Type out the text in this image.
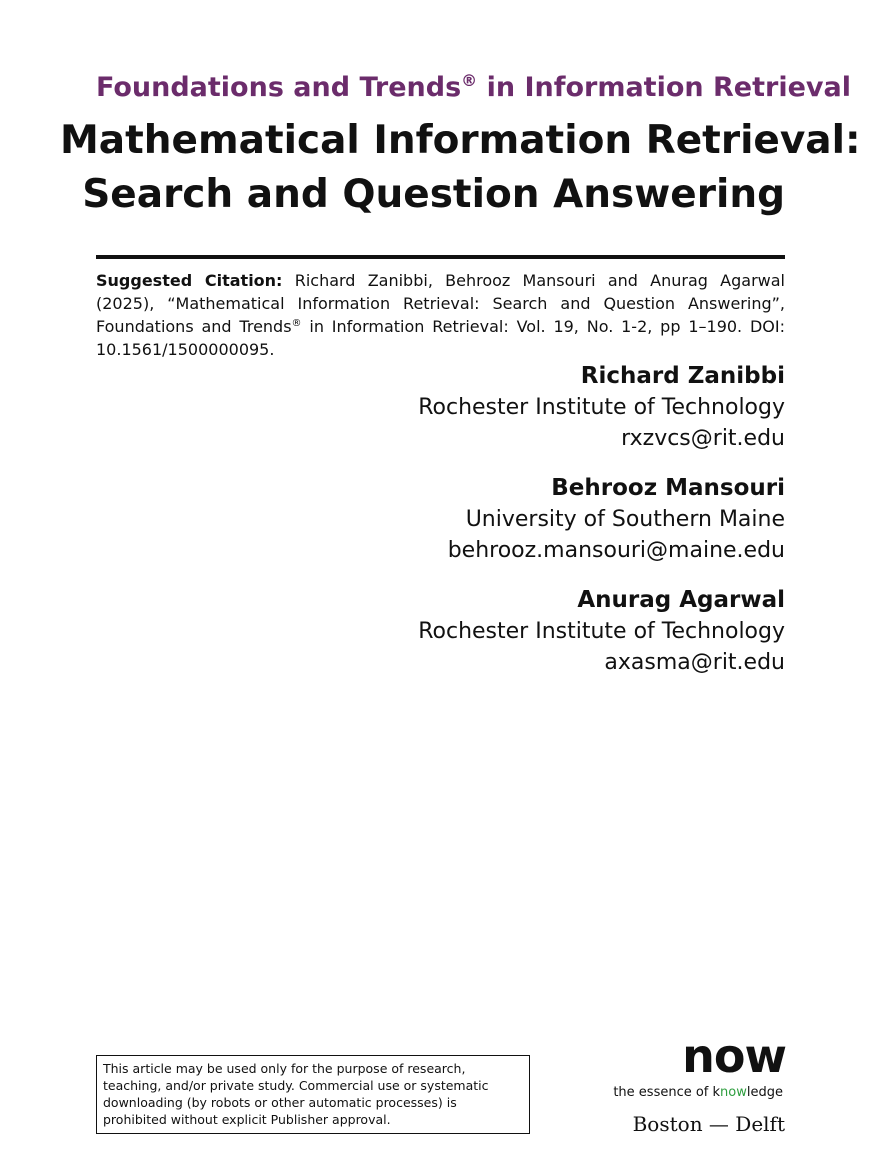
Foundations and Trends® in Information Retrieval
Mathematical Information Retrieval:
Search and Question Answering
Suggested Citation: Richard Zanibbi, Behrooz Mansouri and Anurag Agarwal (2025), “Mathematical Information Retrieval: Search and Question Answering”, Foundations and Trends® in Information Retrieval: Vol. 19, No. 1-2, pp 1–190. DOI: 10.1561/1500000095.
Richard Zanibbi
Rochester Institute of Technology
rxzvcs@rit.edu
Behrooz Mansouri
University of Southern Maine
behrooz.mansouri@maine.edu
Anurag Agarwal
Rochester Institute of Technology
axasma@rit.edu
This article may be used only for the purpose of research, teaching, and/or private study. Commercial use or systematic downloading (by robots or other automatic processes) is prohibited without explicit Publisher approval.
now
the essence of knowledge
Boston — Delft
